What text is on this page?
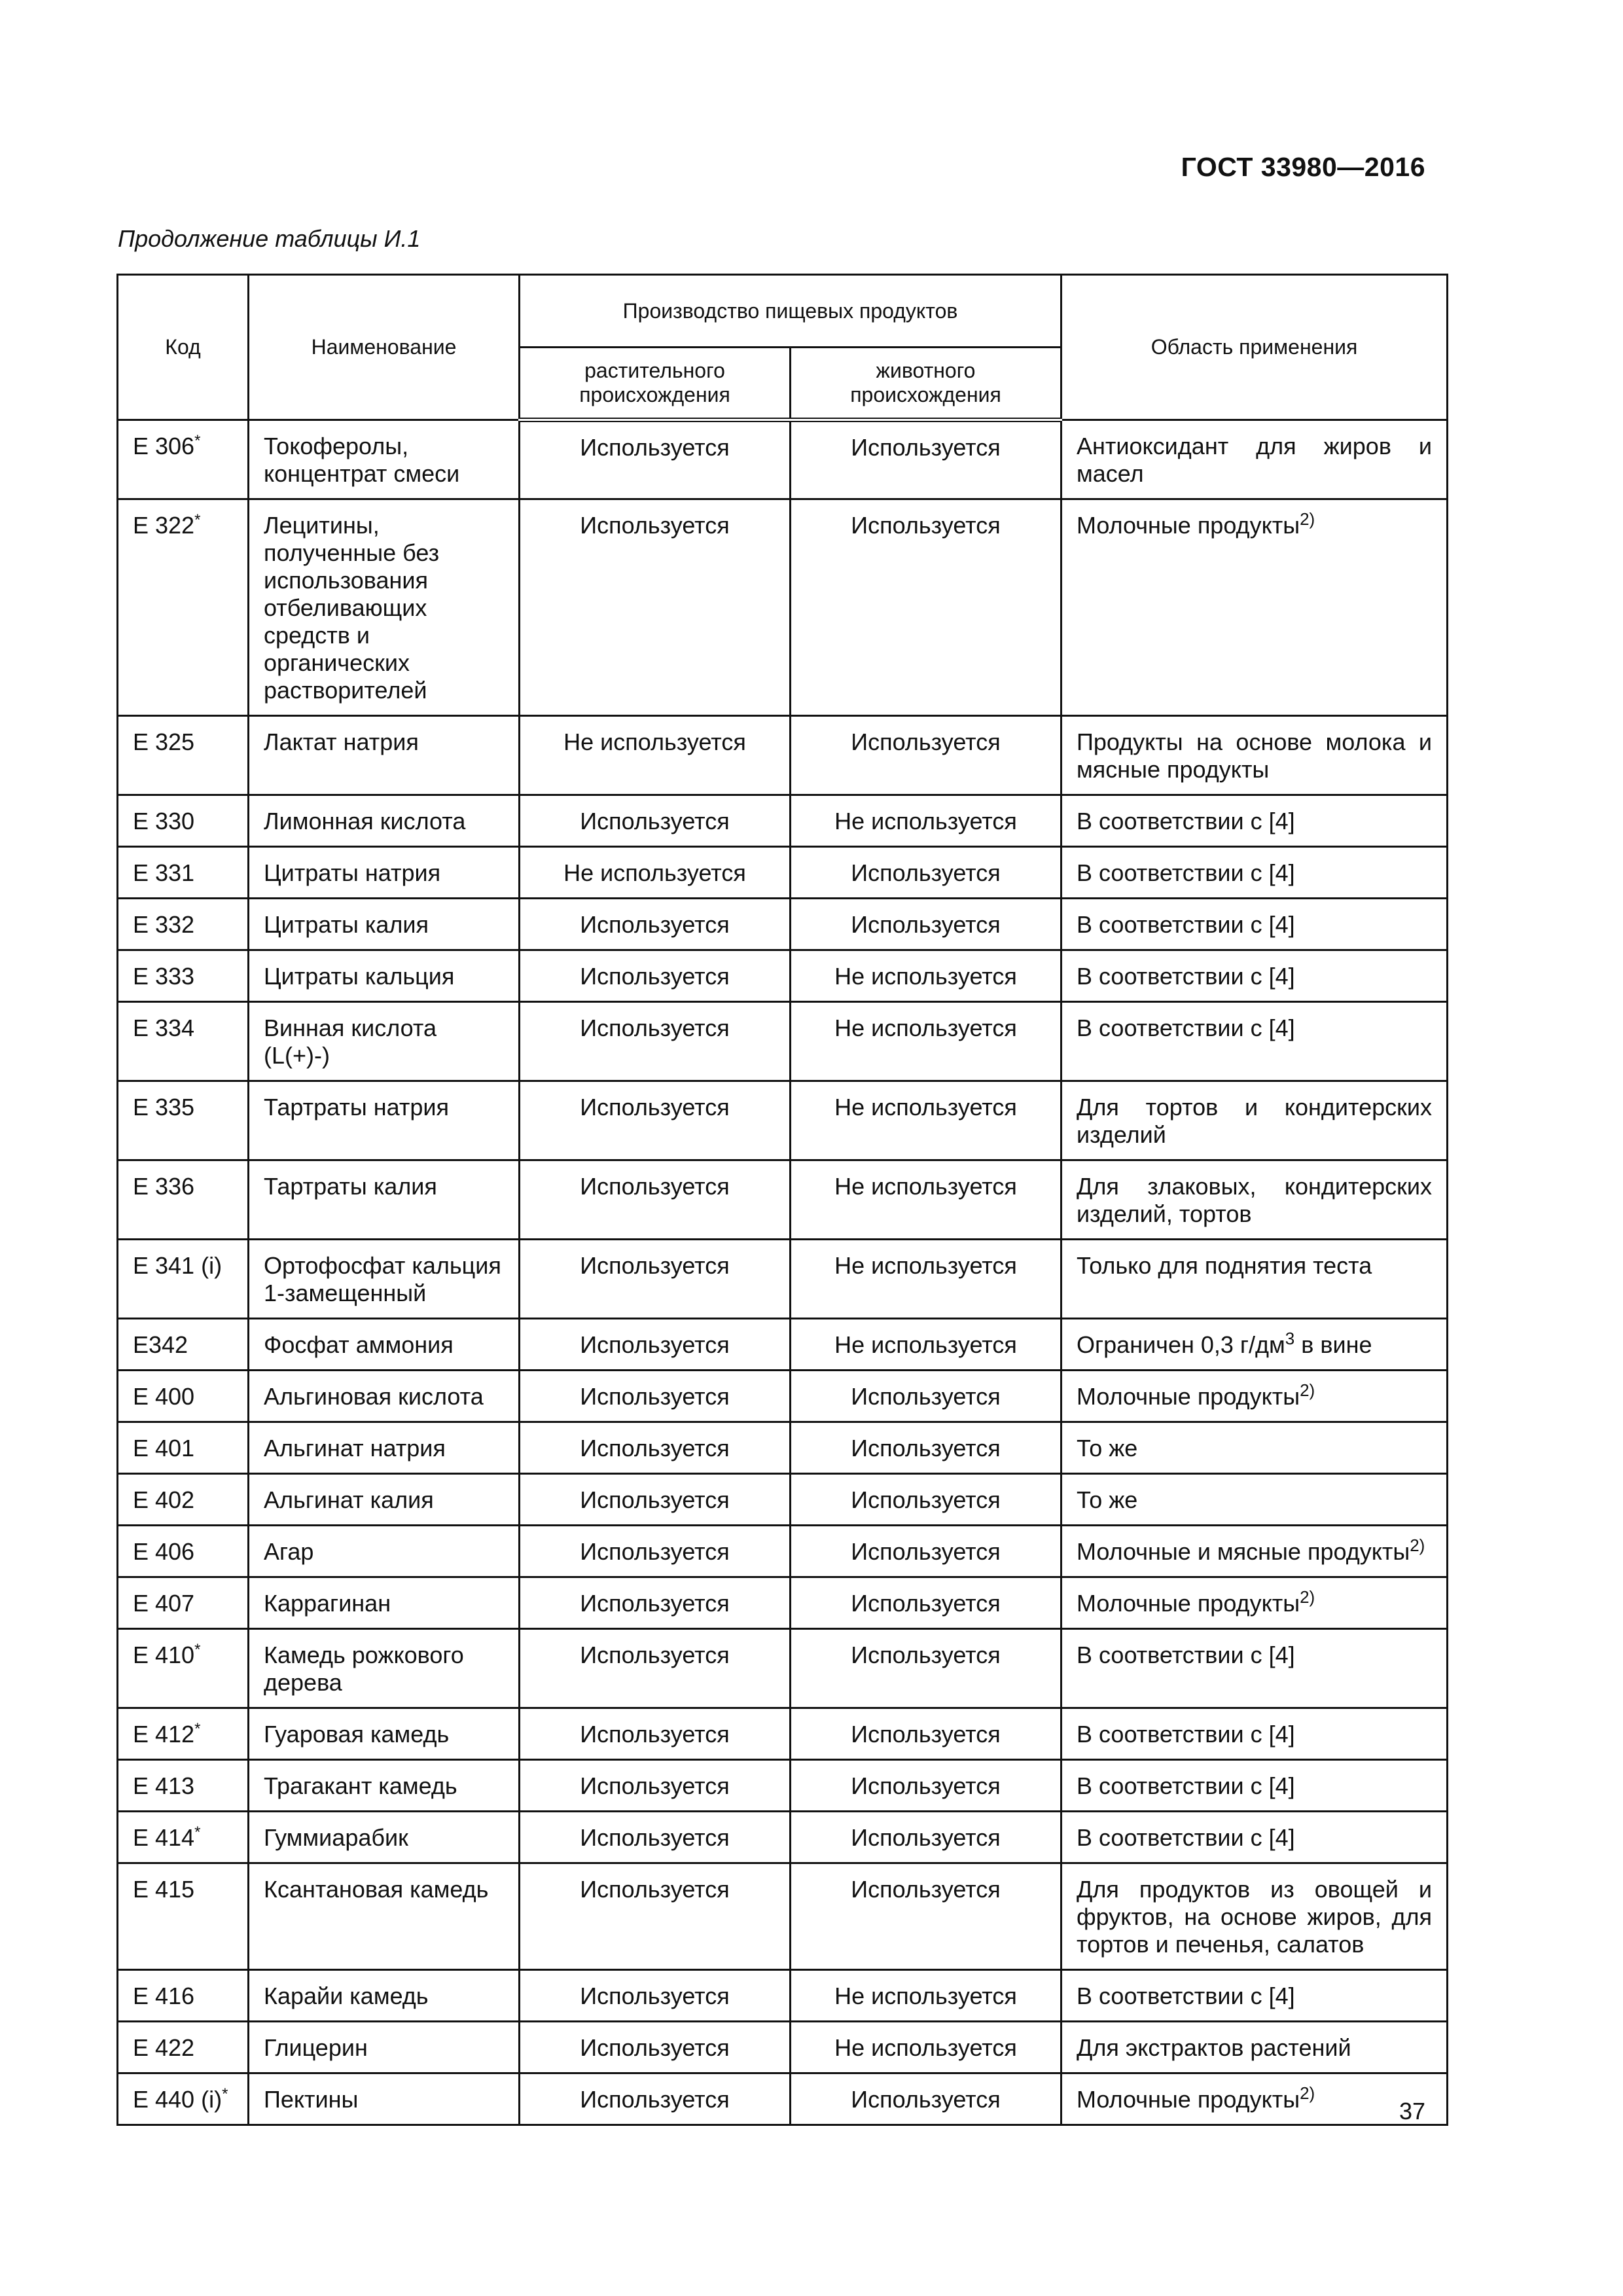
ГОСТ 33980—2016
Продолжение таблицы И.1
Код	Наименование	Производство пищевых продуктов		Область применения
		растительного происхождения	животного происхождения	
E 306*	Токоферолы, концентрат смеси	Используется	Используется	Антиоксидант для жиров и масел
E 322*	Лецитины, полученные без использования отбеливающих средств и органических растворителей	Используется	Используется	Молочные продукты$^{2)}$
E 325	Лактат натрия	Не используется	Используется	Продукты на основе молока и мясные продукты
E 330	Лимонная кислота	Используется	Не используется	В соответствии с [4]
E 331	Цитраты натрия	Не используется	Используется	В соответствии с [4]
E 332	Цитраты калия	Используется	Используется	В соответствии с [4]
E 333	Цитраты кальция	Используется	Не используется	В соответствии с [4]
E 334	Винная кислота (L(+)-)	Используется	Не используется	В соответствии с [4]
E 335	Тартраты натрия	Используется	Не используется	Для тортов и кондитерских изделий
E 336	Тартраты калия	Используется	Не используется	Для злаковых, кондитерских изделий, тортов
E 341 (i)	Ортофосфат кальция 1-замещенный	Используется	Не используется	Только для поднятия теста
E342	Фосфат аммония	Используется	Не используется	Ограничен 0,3 $г/дм^3$ в вине
E 400	Альгиновая кислота	Используется	Используется	Молочные продукты$^{2)}$
E 401	Альгинат натрия	Используется	Используется	То же
E 402	Альгинат калия	Используется	Используется	То же
E 406	Агар	Используется	Используется	Молочные и мясные продукты$^{2)}$
E 407	Каррагинан	Используется	Используется	Молочные продукты$^{2)}$
E 410*	Камедь рожкового дерева	Используется	Используется	В соответствии с [4]
E 412*	Гуаровая камедь	Используется	Используется	В соответствии с [4]
E 413	Трагакант камедь	Используется	Используется	В соответствии с [4]
E 414*	Гуммиарабик	Используется	Используется	В соответствии с [4]
E 415	Ксантановая камедь	Используется	Используется	Для продуктов из овощей и фруктов, на основе жиров, для тортов и печенья, салатов
E 416	Карайи камедь	Используется	Не используется	В соответствии с [4]
E 422	Глицерин	Используется	Не используется	Для экстрактов растений
E 440 (i)*	Пектины	Используется	Используется	Молочные продукты$^{2)}$
37
